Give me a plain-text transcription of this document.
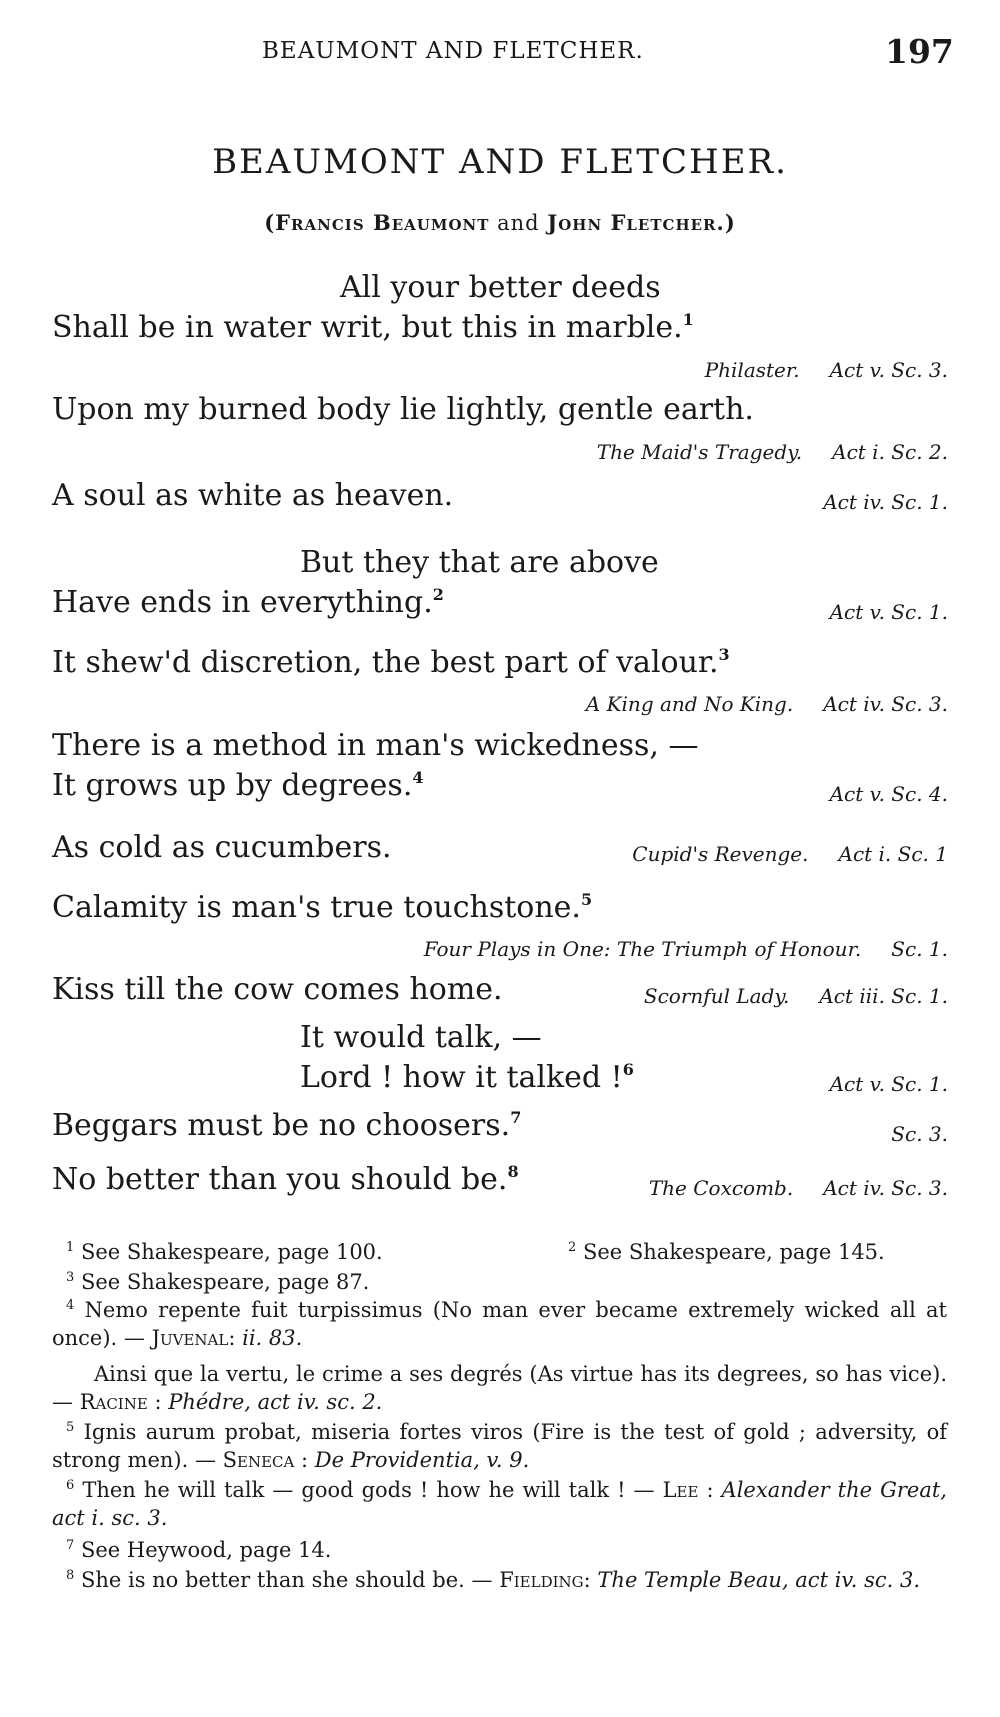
BEAUMONT AND FLETCHER.	197
BEAUMONT AND FLETCHER.
(Francis Beaumont and John Fletcher.)
All your better deeds
Shall be in water writ, but this in marble.$^1$
Philaster. Act v. Sc. 3.
Upon my burned body lie lightly, gentle earth.
The Maid's Tragedy. Act i. Sc. 2.
A soul as white as heaven.	Act iv. Sc. 1.
But they that are above
Have ends in everything.$^2$
Act v. Sc. 1.
It shew'd discretion, the best part of valour.$^3$
A King and No King. Act iv. Sc. 3.
There is a method in man's wickedness, —
It grows up by degrees.$^4$
Act v. Sc. 4.
As cold as cucumbers.	Cupid's Revenge. Act i. Sc. 1
Calamity is man's true touchstone.$^5$
Four Plays in One: The Triumph of Honour. Sc. 1.
Kiss till the cow comes home.	Scornful Lady. Act iii. Sc. 1.
It would talk, —
Lord ! how it talked !$^6$
Act v. Sc. 1.
Beggars must be no choosers.$^7$
Sc. 3.
No better than you should be.$^8$
The Coxcomb. Act iv. Sc. 3.
$^1$ See Shakespeare, page 100.	$^2$ See Shakespeare, page 145.
$^3$ See Shakespeare, page 87.
$^4$ Nemo repente fuit turpissimus (No man ever became extremely wicked all at once). — Juvenal: ii. 83.
Ainsi que la vertu, le crime a ses degrés (As virtue has its degrees, so has vice). — Racine : Phédre, act iv. sc. 2.
$^5$ Ignis aurum probat, miseria fortes viros (Fire is the test of gold ; adversity, of strong men). — Seneca : De Providentia, v. 9.
$^6$ Then he will talk — good gods ! how he will talk ! — Lee : Alexander the Great, act i. sc. 3.
$^7$ See Heywood, page 14.
$^8$ She is no better than she should be. — Fielding: The Temple Beau, act iv. sc. 3.
